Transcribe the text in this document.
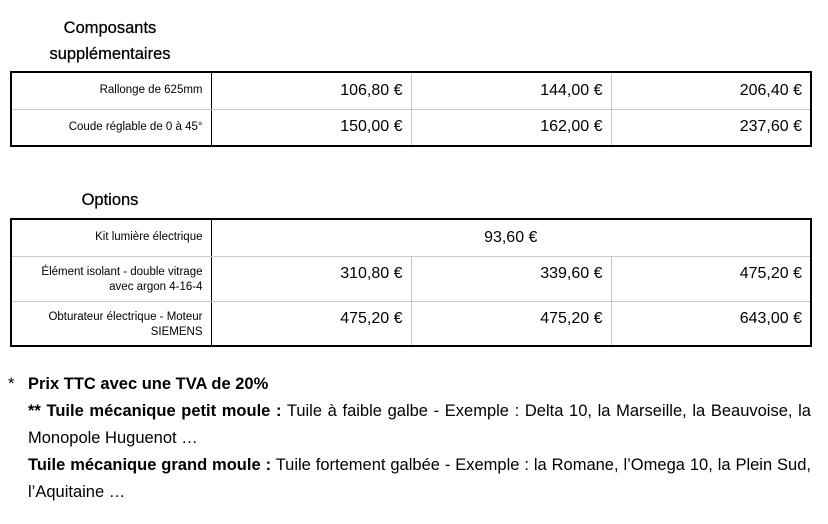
Composants supplémentaires
Rallonge de 625mm	106,80 €	144,00 €	206,40 €
Coude réglable de 0 à 45°	150,00 €	162,00 €	237,60 €
Options
Kit lumière électrique	93,60 €		
Élément isolant - double vitrage avec argon 4-16-4	310,80 €	339,60 €	475,20 €
Obturateur électrique - Moteur SIEMENS	475,20 €	475,20 €	643,00 €
* Prix TTC avec une TVA de 20%
** Tuile mécanique petit moule : Tuile à faible galbe - Exemple : Delta 10, la Marseille, la Beauvoise, la Monopole Huguenot …
Tuile mécanique grand moule : Tuile fortement galbée - Exemple : la Romane, l’Omega 10, la Plein Sud, l’Aquitaine …
